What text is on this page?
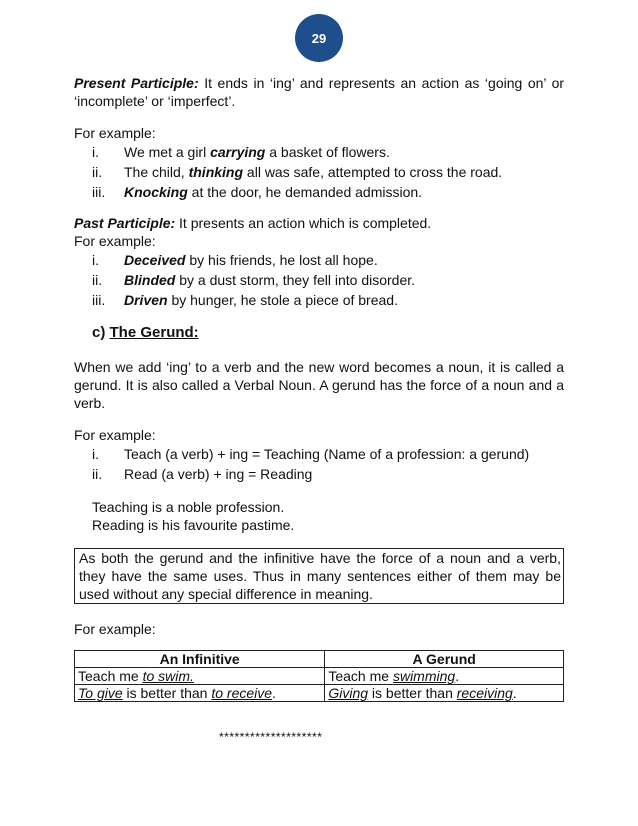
29

Present Participle: It ends in ‘ing’ and represents an action as ‘going on’ or ‘incomplete’ or ‘imperfect’.

For example:

i.	We met a girl carrying a basket of flowers.
ii.	The child, thinking all was safe, attempted to cross the road.
iii.	Knocking at the door, he demanded admission.

Past Participle: It presents an action which is completed.

For example:

i.	Deceived by his friends, he lost all hope.
ii.	Blinded by a dust storm, they fell into disorder.
iii.	Driven by hunger, he stole a piece of bread.

c) The Gerund:

When we add ‘ing’ to a verb and the new word becomes a noun, it is called a gerund. It is also called a Verbal Noun. A gerund has the force of a noun and a verb.

For example:

i.	Teach (a verb) + ing = Teaching (Name of a profession: a gerund)
ii.	Read (a verb) + ing = Reading

Teaching is a noble profession.

Reading is his favourite pastime.

As both the gerund and the infinitive have the force of a noun and a verb, they have the same uses. Thus in many sentences either of them may be used without any special difference in meaning.

For example:

An Infinitive	A Gerund
Teach me to swim.	Teach me swimming.
To give is better than to receive.	Giving is better than receiving.

********************
